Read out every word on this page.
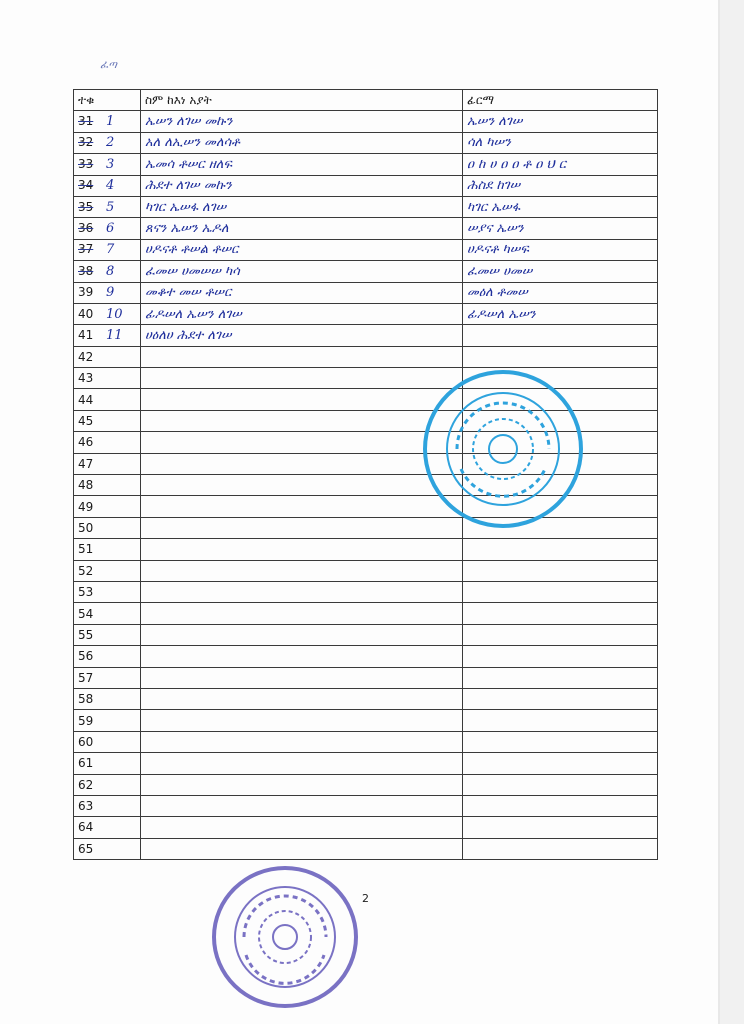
ፈጣ
ተቁ	ስም ከእነ አያት	ፊርማ
31 1	ኤሠን ለገሠ መኩን	ኤሠን ለገሠ
32 2	አለ ለኢሠን መለሳቶ	ሳለ ካሠን
33 3	ኤመሳ ቶሠር ዘለፍ	ዐ ከ ሀ ዐ ዐ ቶ ዐ ህ ር
34 4	ሕደተ ለገሠ መኩን	ሕስደ ከገሠ
35 5	ካገር ኤሠፋ ለገሠ	ካገር ኤሠፋ
36 6	ጸናን ኤሠን ኤዶለ	ሠያና ኤሠን
37 7	ሀዶናቶ ቶሠል ቶሠር	ሀዶናቶ ካሠፍ
38 8	ፈመሠ ሀመሠሠ ካሳ	ፈመሠ ሀመሠ
39 9	መቆተ መሠ ቶሠር	መዕለ ቶመሠ
40 10	ፊዶሠለ ኤሠን ለገሠ	ፊዶሠለ ኤሠን
41 11	ሀዕለሀ ሕደተ ለገሠ	
42		
43		
44		
45		
46		
47		
48		
49		
50		
51		
52		
53		
54		
55		
56		
57		
58		
59		
60		
61		
62		
63		
64		
65		
2
